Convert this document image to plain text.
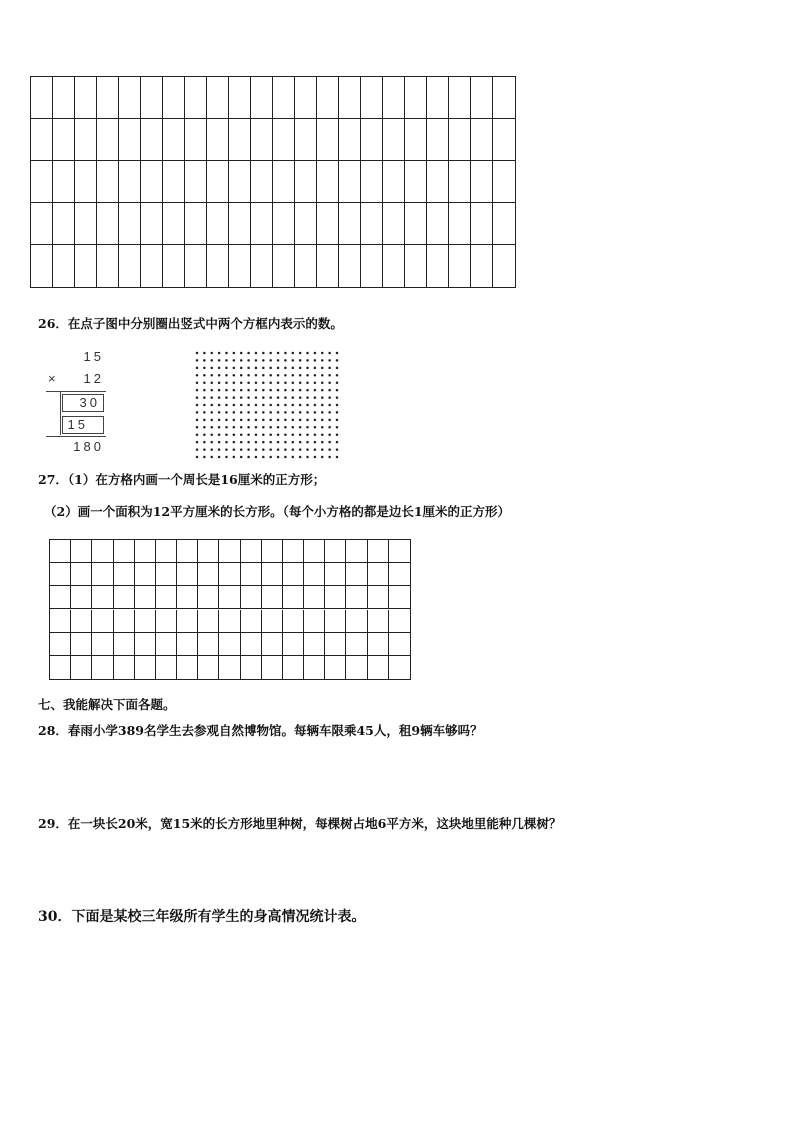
26．在点子图中分别圈出竖式中两个方框内表示的数。
15
× 12
30
15
180
27．（1）在方格内画一个周长是16厘米的正方形；
（2）画一个面积为12平方厘米的长方形。（每个小方格的都是边长1厘米的正方形）
七、我能解决下面各题。
28．春雨小学389名学生去参观自然博物馆。每辆车限乘45人，租9辆车够吗？
29．在一块长20米，宽15米的长方形地里种树，每棵树占地6平方米，这块地里能种几棵树？
30．下面是某校三年级所有学生的身高情况统计表。
